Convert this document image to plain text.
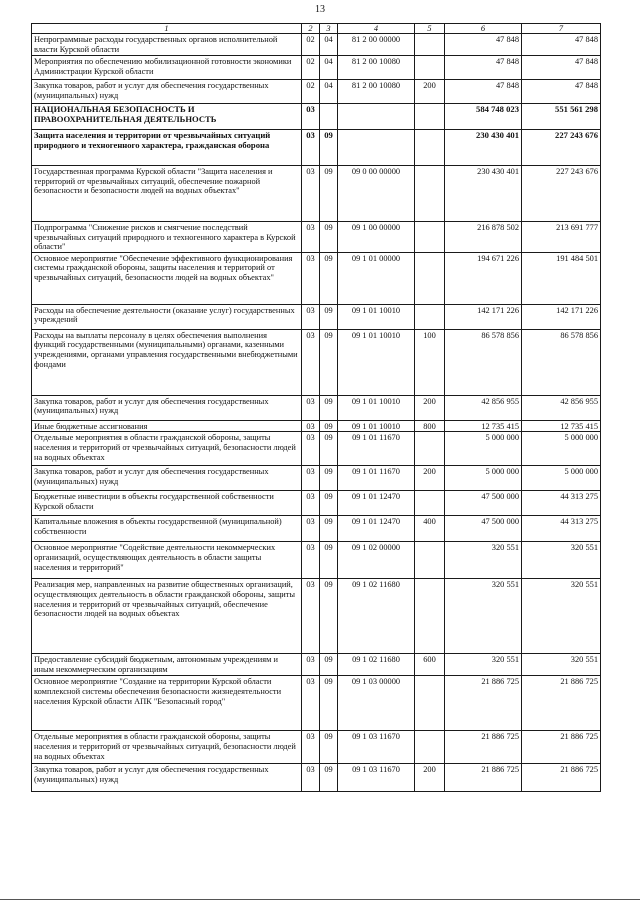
13
1	2	3	4	5	6	7
Непрограммные расходы государственных органов исполнительной власти Курской области	02	04	81 2 00 00000		47 848	47 848
Мероприятия по обеспечению мобилизационной готовности экономики Администрации Курской области	02	04	81 2 00 10080		47 848	47 848
Закупка товаров, работ и услуг для обеспечения государственных (муниципальных) нужд	02	04	81 2 00 10080	200	47 848	47 848
НАЦИОНАЛЬНАЯ БЕЗОПАСНОСТЬ И ПРАВООХРАНИТЕЛЬНАЯ ДЕЯТЕЛЬНОСТЬ	03				584 748 023	551 561 298
Защита населения и территории от чрезвычайных ситуаций природного и техногенного характера, гражданская оборона	03	09			230 430 401	227 243 676
Государственная программа Курской области "Защита населения и территорий от чрезвычайных ситуаций, обеспечение пожарной безопасности и безопасности людей на водных объектах"	03	09	09 0 00 00000		230 430 401	227 243 676
Подпрограмма "Снижение рисков и смягчение последствий чрезвычайных ситуаций природного и техногенного характера в Курской области"	03	09	09 1 00 00000		216 878 502	213 691 777
Основное мероприятие "Обеспечение эффективного функционирования системы гражданской обороны, защиты населения и территорий от чрезвычайных ситуаций, безопасности людей на водных объектах"	03	09	09 1 01 00000		194 671 226	191 484 501
Расходы на обеспечение деятельности (оказание услуг) государственных учреждений	03	09	09 1 01 10010		142 171 226	142 171 226
Расходы на выплаты персоналу в целях обеспечения выполнения функций государственными (муниципальными) органами, казенными учреждениями, органами управления государственными внебюджетными фондами	03	09	09 1 01 10010	100	86 578 856	86 578 856
Закупка товаров, работ и услуг для обеспечения государственных (муниципальных) нужд	03	09	09 1 01 10010	200	42 856 955	42 856 955
Иные бюджетные ассигнования	03	09	09 1 01 10010	800	12 735 415	12 735 415
Отдельные мероприятия в области гражданской обороны, защиты населения и территорий от чрезвычайных ситуаций, безопасности людей на водных объектах	03	09	09 1 01 11670		5 000 000	5 000 000
Закупка товаров, работ и услуг для обеспечения государственных (муниципальных) нужд	03	09	09 1 01 11670	200	5 000 000	5 000 000
Бюджетные инвестиции в объекты государственной собственности Курской области	03	09	09 1 01 12470		47 500 000	44 313 275
Капитальные вложения в объекты государственной (муниципальной) собственности	03	09	09 1 01 12470	400	47 500 000	44 313 275
Основное мероприятие "Содействие деятельности некоммерческих организаций, осуществляющих деятельность в области защиты населения и территорий"	03	09	09 1 02 00000		320 551	320 551
Реализация мер, направленных на развитие общественных организаций, осуществляющих деятельность в области гражданской обороны, защиты населения и территорий от чрезвычайных ситуаций, обеспечение безопасности людей на водных объектах	03	09	09 1 02 11680		320 551	320 551
Предоставление субсидий бюджетным, автономным учреждениям и иным некоммерческим организациям	03	09	09 1 02 11680	600	320 551	320 551
Основное мероприятие "Создание на территории Курской области комплексной системы обеспечения безопасности жизнедеятельности населения Курской области АПК "Безопасный город"	03	09	09 1 03 00000		21 886 725	21 886 725
Отдельные мероприятия в области гражданской обороны, защиты населения и территорий от чрезвычайных ситуаций, безопасности людей на водных объектах	03	09	09 1 03 11670		21 886 725	21 886 725
Закупка товаров, работ и услуг для обеспечения государственных (муниципальных) нужд	03	09	09 1 03 11670	200	21 886 725	21 886 725
